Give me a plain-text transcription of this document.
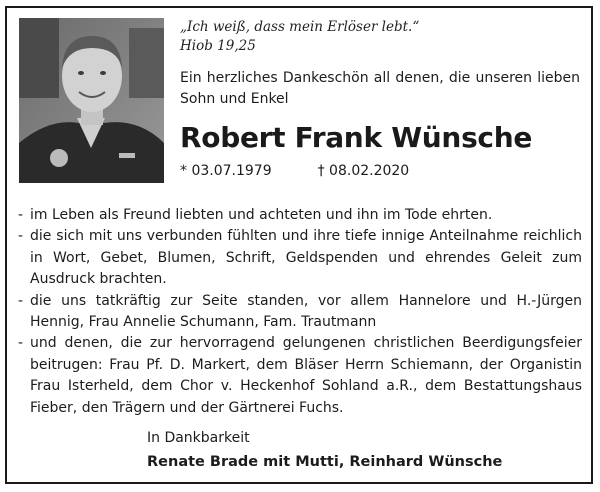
„Ich weiß, dass mein Erlöser lebt.“
Hiob 19,25
Ein herzliches Dankeschön all denen, die unseren lieben Sohn und Enkel
Robert Frank Wünsche
* 03.07.1979	† 08.02.2020
- im Leben als Freund liebten und achteten und ihn im Tode ehrten.
- die sich mit uns verbunden fühlten und ihre tiefe innige Anteilnahme reichlich in Wort, Gebet, Blumen, Schrift, Geldspenden und ehrendes Geleit zum Ausdruck brachten.
- die uns tatkräftig zur Seite standen, vor allem Hannelore und H.-Jürgen Hennig, Frau Annelie Schumann, Fam. Trautmann
- und denen, die zur hervorragend gelungenen christlichen Beerdigungsfeier beitrugen: Frau Pf. D. Markert, dem Bläser Herrn Schiemann, der Organistin Frau Isterheld, dem Chor v. Heckenhof Sohland a.R., dem Bestattungshaus Fieber, den Trägern und der Gärtnerei Fuchs.
In Dankbarkeit
Renate Brade mit Mutti, Reinhard Wünsche
